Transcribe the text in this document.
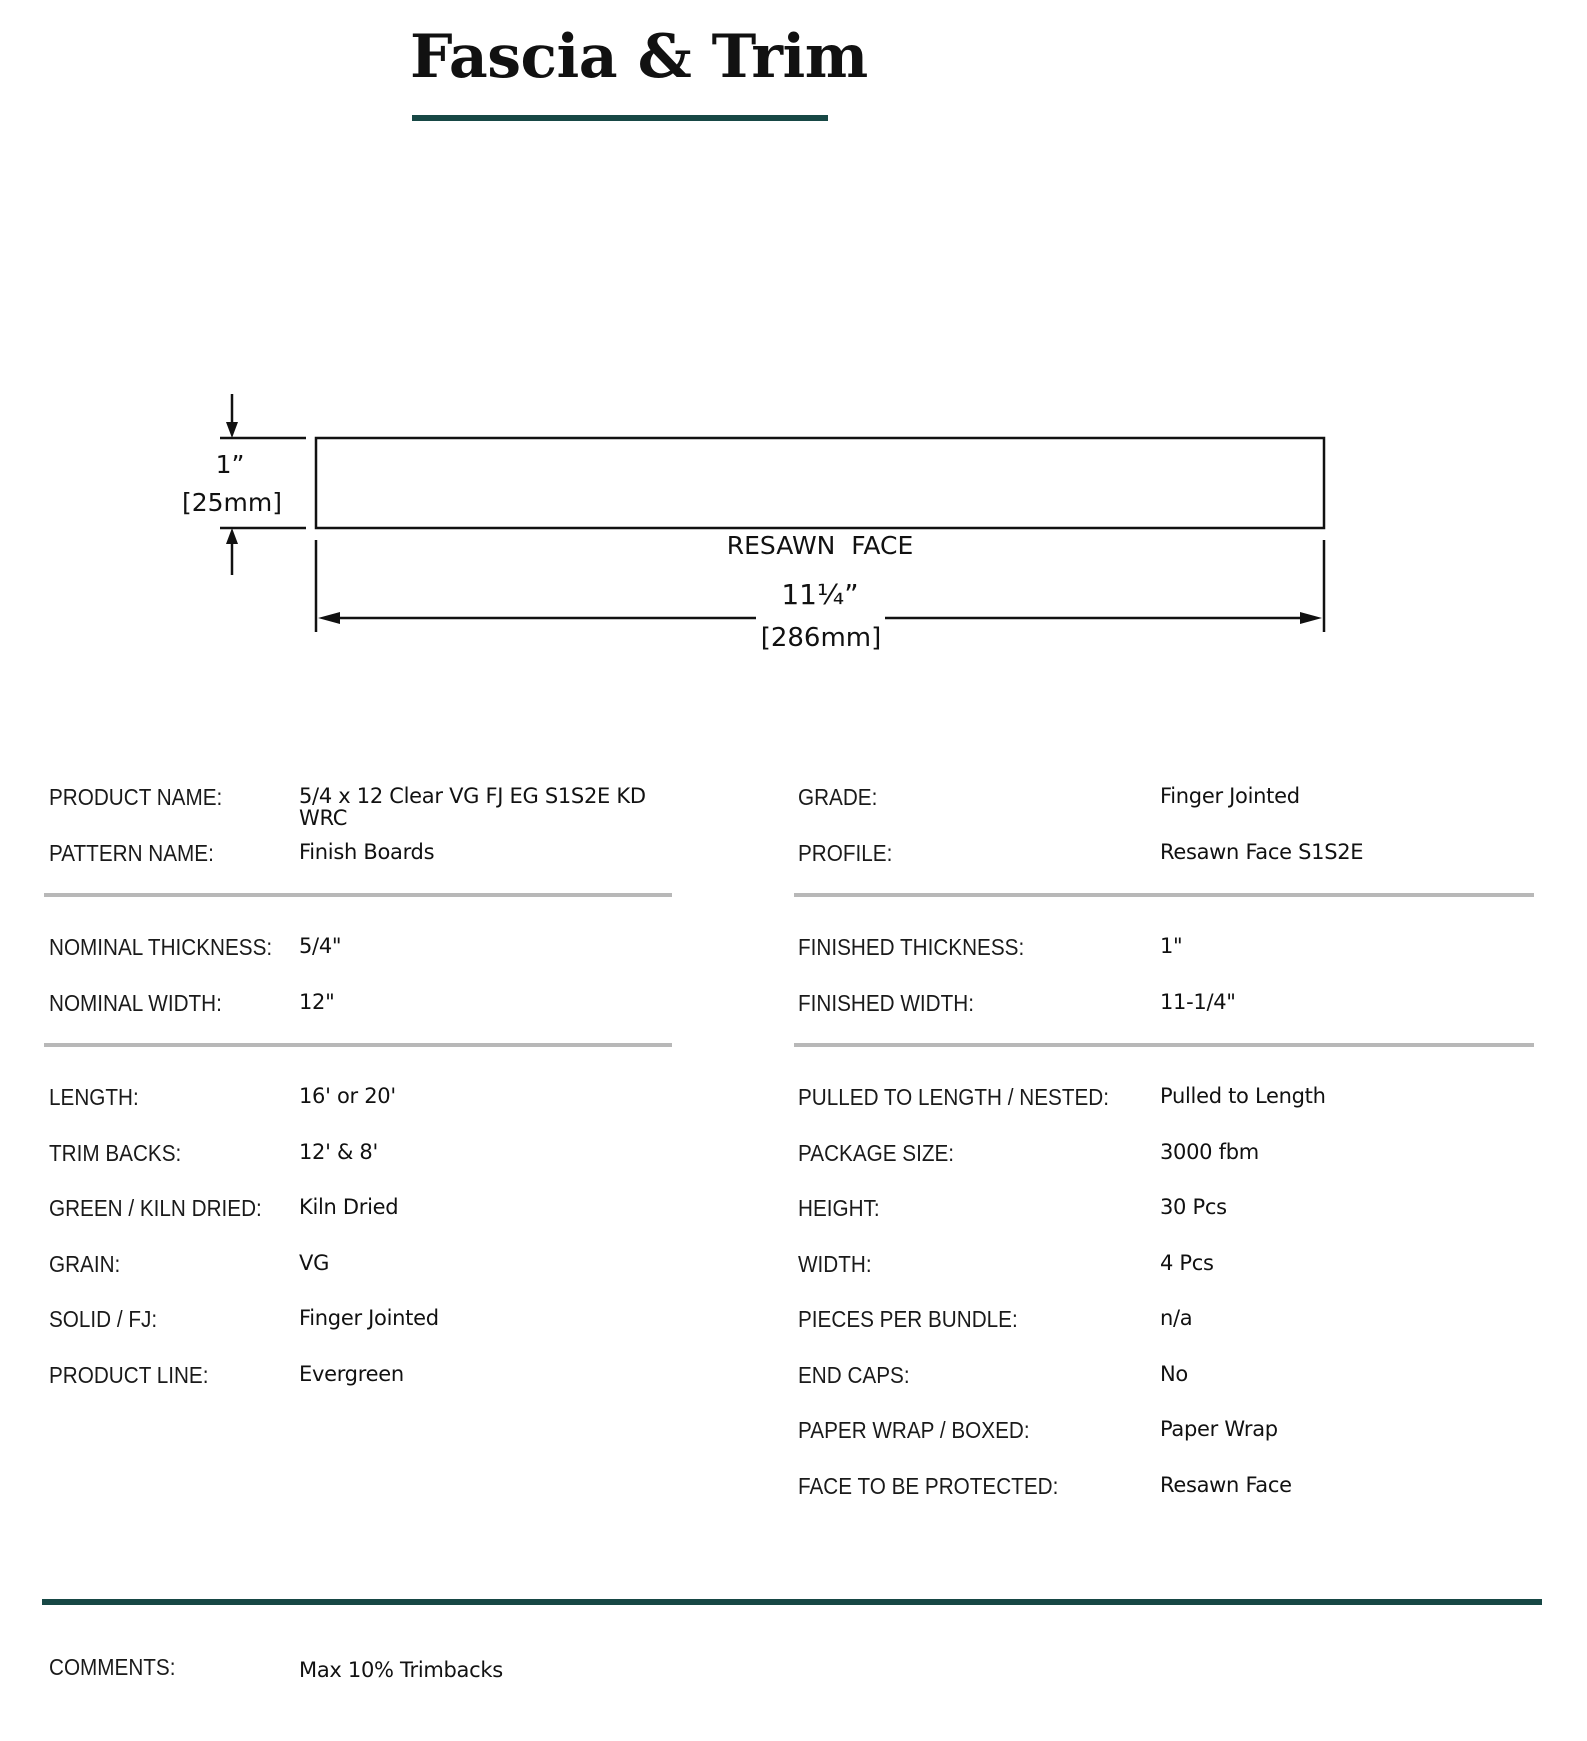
Fascia & Trim
1”
[25mm]
RESAWN  FACE
11¼”
[286mm]
PRODUCT NAME:	5/4 x 12 Clear VG FJ EG S1S2E KD WRC
PATTERN NAME:	Finish Boards
NOMINAL THICKNESS: 5/4"
NOMINAL WIDTH:	12"
LENGTH:	16' or 20'
TRIM BACKS:	12' & 8'
GREEN / KILN DRIED: Kiln Dried
GRAIN:	VG
SOLID / FJ:	Finger Jointed
PRODUCT LINE:	Evergreen
GRADE:	Finger Jointed
PROFILE:	Resawn Face S1S2E
FINISHED THICKNESS:	1"
FINISHED WIDTH:	11-1/4"
PULLED TO LENGTH / NESTED: Pulled to Length
PACKAGE SIZE:	3000 fbm
HEIGHT:	30 Pcs
WIDTH:	4 Pcs
PIECES PER BUNDLE:	n/a
END CAPS:	No
PAPER WRAP / BOXED:	Paper Wrap
FACE TO BE PROTECTED:	Resawn Face
COMMENTS:	Max 10% Trimbacks
